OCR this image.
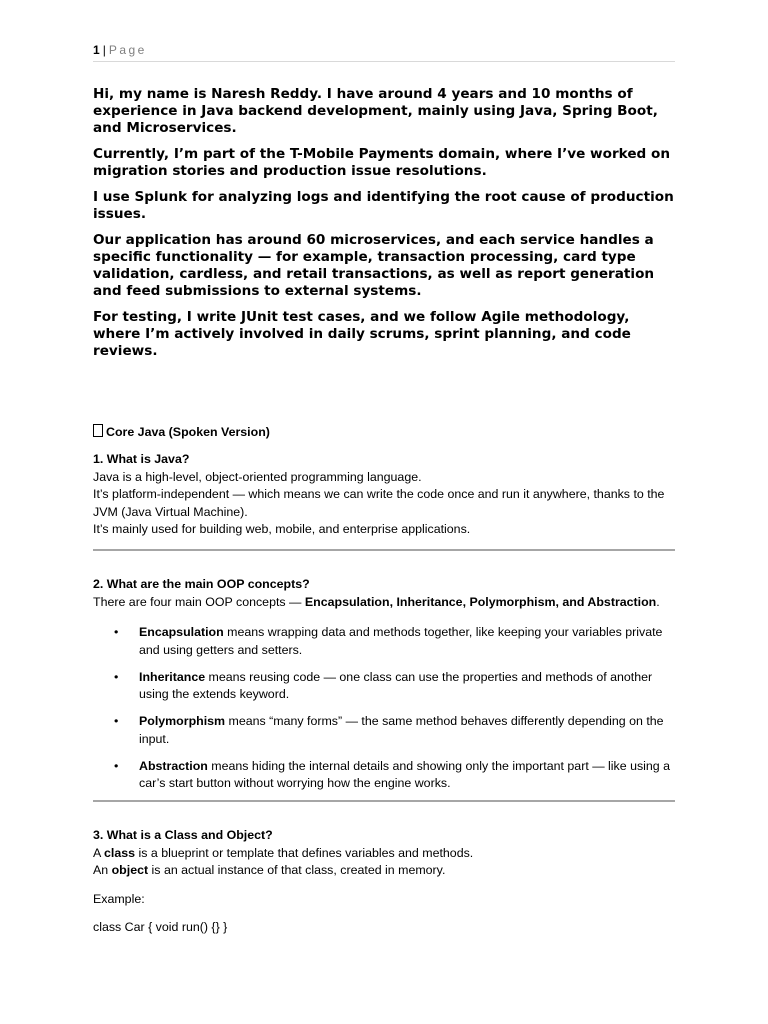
1 | Page

Hi, my name is Naresh Reddy. I have around 4 years and 10 months of experience in Java backend development, mainly using Java, Spring Boot, and Microservices.

Currently, I’m part of the T-Mobile Payments domain, where I’ve worked on migration stories and production issue resolutions.

I use Splunk for analyzing logs and identifying the root cause of production issues.

Our application has around 60 microservices, and each service handles a specific functionality — for example, transaction processing, card type validation, cardless, and retail transactions, as well as report generation and feed submissions to external systems.

For testing, I write JUnit test cases, and we follow Agile methodology, where I’m actively involved in daily scrums, sprint planning, and code reviews.

Core Java (Spoken Version)

1. What is Java?

Java is a high-level, object-oriented programming language.

It’s platform-independent — which means we can write the code once and run it anywhere, thanks to the JVM (Java Virtual Machine).

It’s mainly used for building web, mobile, and enterprise applications.

2. What are the main OOP concepts?

There are four main OOP concepts — Encapsulation, Inheritance, Polymorphism, and Abstraction.

• Encapsulation means wrapping data and methods together, like keeping your variables private and using getters and setters.
• Inheritance means reusing code — one class can use the properties and methods of another using the extends keyword.
• Polymorphism means “many forms” — the same method behaves differently depending on the input.
• Abstraction means hiding the internal details and showing only the important part — like using a car’s start button without worrying how the engine works.

3. What is a Class and Object?

A class is a blueprint or template that defines variables and methods.

An object is an actual instance of that class, created in memory.

Example:

class Car { void run() {} }
